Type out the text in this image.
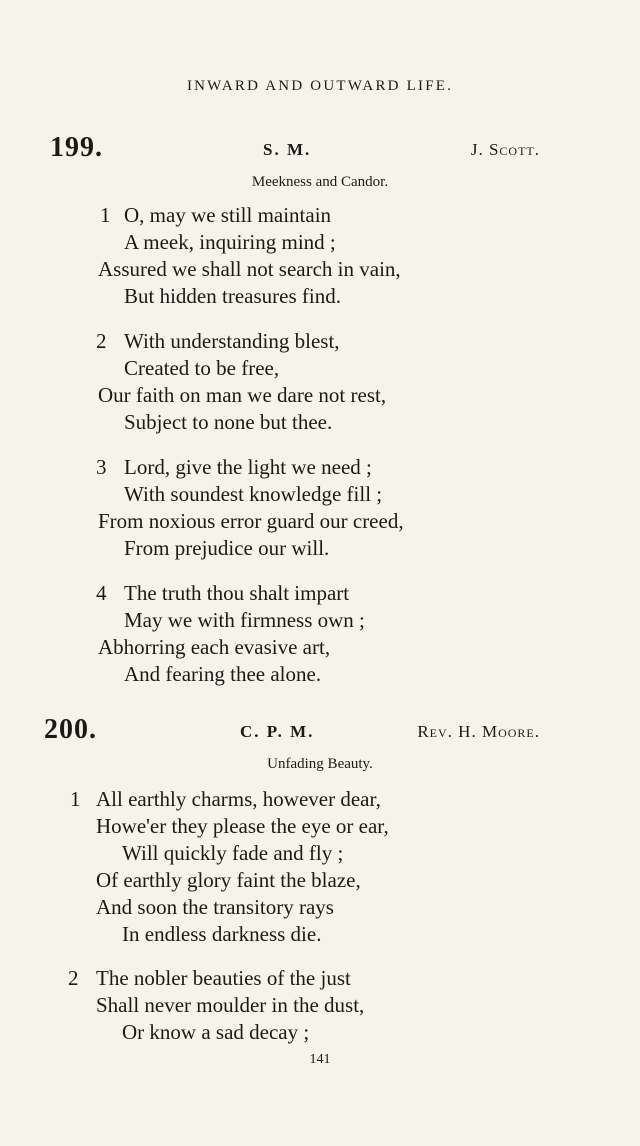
INWARD AND OUTWARD LIFE.
199.	S. M.	J. Scott.
Meekness and Candor.
1 O, may we still maintain
A meek, inquiring mind ;
Assured we shall not search in vain,
But hidden treasures find.
2 With understanding blest,
Created to be free,
Our faith on man we dare not rest,
Subject to none but thee.
3 Lord, give the light we need ;
With soundest knowledge fill ;
From noxious error guard our creed,
From prejudice our will.
4 The truth thou shalt impart
May we with firmness own ;
Abhorring each evasive art,
And fearing thee alone.
200.	C. P. M.	Rev. H. Moore.
Unfading Beauty.
1 All earthly charms, however dear,
Howe'er they please the eye or ear,
Will quickly fade and fly ;
Of earthly glory faint the blaze,
And soon the transitory rays
In endless darkness die.
2 The nobler beauties of the just
Shall never moulder in the dust,
Or know a sad decay ;
141
